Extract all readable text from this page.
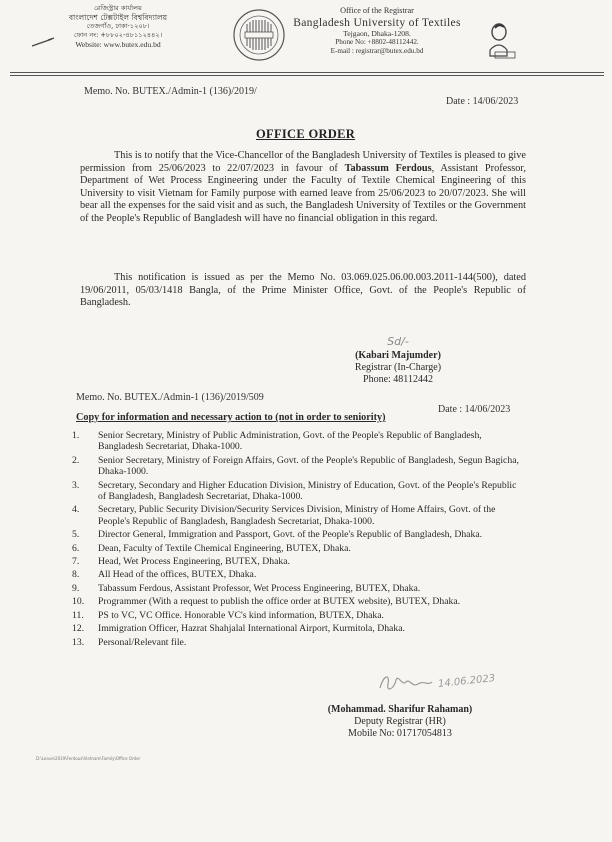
রেজিস্ট্রার কার্যালয়
বাংলাদেশ টেক্সটাইল বিশ্ববিদ্যালয়
তেজগাঁও, ঢাকা-১২০৮।
ফোন নং: +৮৮০২-৪৮১১২৪৪২।
Website: www.butex.edu.bd
Office of the Registrar
Bangladesh University of Textiles
Tejgaon, Dhaka-1208.
Phone No: +8802-48112442.
E-mail : registrar@butex.edu.bd
Memo. No. BUTEX./Admin-1 (136)/2019/
Date : 14/06/2023
OFFICE ORDER
This is to notify that the Vice-Chancellor of the Bangladesh University of Textiles is pleased to give permission from 25/06/2023 to 22/07/2023 in favour of Tabassum Ferdous, Assistant Professor, Department of Wet Process Engineering under the Faculty of Textile Chemical Engineering of this University to visit Vietnam for Family purpose with earned leave from 25/06/2023 to 20/07/2023. She will bear all the expenses for the said visit and as such, the Bangladesh University of Textiles or the Government of the People's Republic of Bangladesh will have no financial obligation in this regard.
This notification is issued as per the Memo No. 03.069.025.06.00.003.2011-144(500), dated 19/06/2011, 05/03/1418 Bangla, of the Prime Minister Office, Govt. of the People's Republic of Bangladesh.
Sd/-
(Kabari Majumder)
Registrar (In-Charge)
Phone: 48112442
Memo. No. BUTEX./Admin-1 (136)/2019/509
Date : 14/06/2023
Copy for information and necessary action to (not in order to seniority)
1.	Senior Secretary, Ministry of Public Administration, Govt. of the People's Republic of Bangladesh, Bangladesh Secretariat, Dhaka-1000.
2.	Senior Secretary, Ministry of Foreign Affairs, Govt. of the People's Republic of Bangladesh, Segun Bagicha, Dhaka-1000.
3.	Secretary, Secondary and Higher Education Division, Ministry of Education, Govt. of the People's Republic of Bangladesh, Bangladesh Secretariat, Dhaka-1000.
4.	Secretary, Public Security Division/Security Services Division, Ministry of Home Affairs, Govt. of the People's Republic of Bangladesh, Bangladesh Secretariat, Dhaka-1000.
5.	Director General, Immigration and Passport, Govt. of the People's Republic of Bangladesh, Dhaka.
6.	Dean, Faculty of Textile Chemical Engineering, BUTEX, Dhaka.
7.	Head, Wet Process Engineering, BUTEX, Dhaka.
8.	All Head of the offices, BUTEX, Dhaka.
9.	Tabassum Ferdous, Assistant Professor, Wet Process Engineering, BUTEX, Dhaka.
10.	Programmer (With a request to publish the office order at BUTEX website), BUTEX, Dhaka.
11.	PS to VC, VC Office. Honorable VC's kind information, BUTEX, Dhaka.
12.	Immigration Officer, Hazrat Shahjalal International Airport, Kurmitola, Dhaka.
13.	Personal/Relevant file.
14.06.2023
(Mohammad. Sharifur Rahaman)
Deputy Registrar (HR)
Mobile No: 01717054813
D:\Leave\2019\Ferdous\Vietnam\Family\Office Order
